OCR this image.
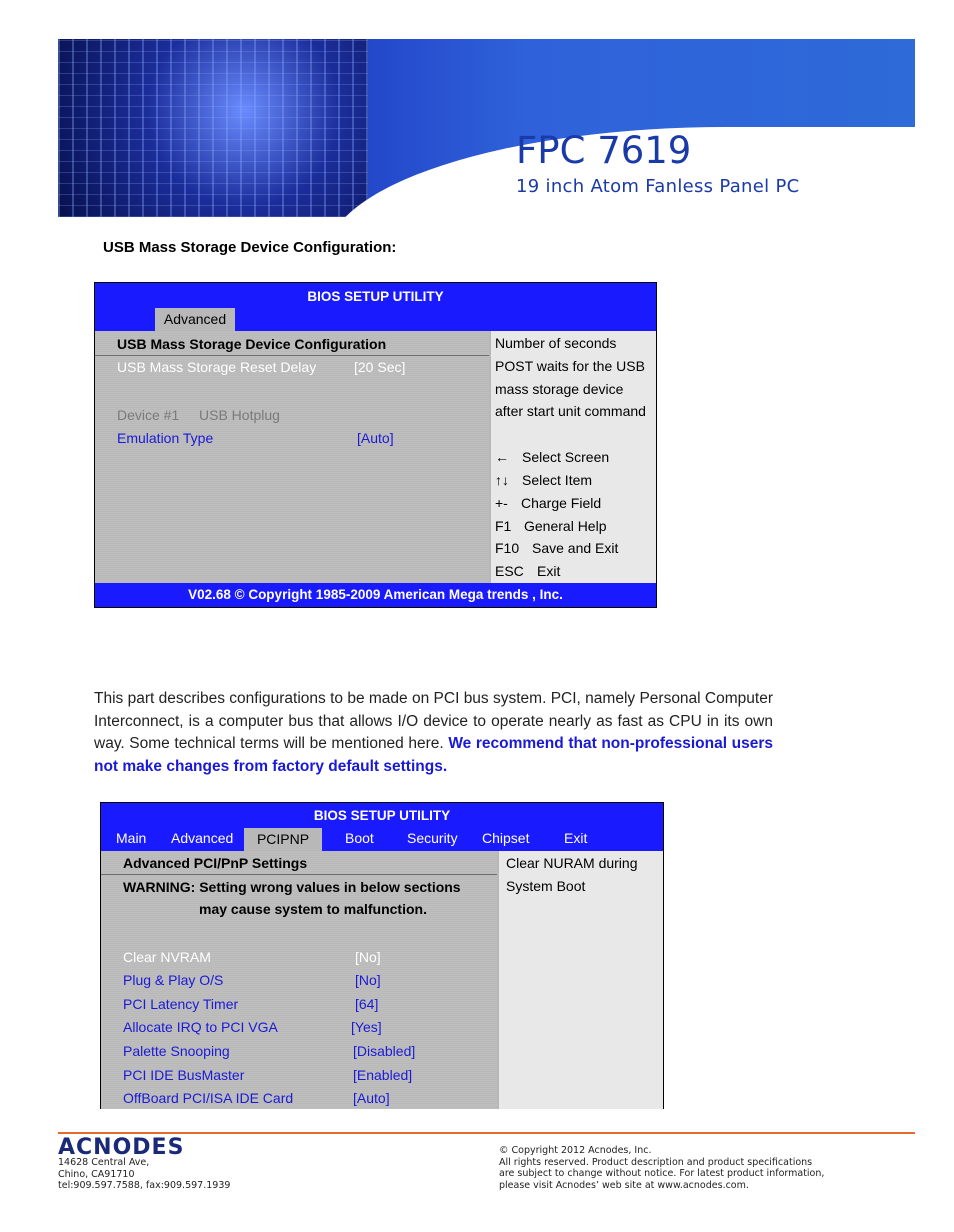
FPC 7619
19 inch Atom Fanless Panel PC
USB Mass Storage Device Configuration:
BIOS SETUP UTILITY
Advanced
USB Mass Storage Device Configuration
USB Mass Storage Reset Delay	[20 Sec]
Device #1 USB Hotplug
Emulation Type	[Auto]
Number of seconds
POST waits for the USB
mass storage device
after start unit command
← Select Screen
↑↓ Select Item
+- Charge Field
F1 General Help
F10 Save and Exit
ESC Exit
V02.68 © Copyright 1985-2009 American Mega trends , Inc.
This part describes configurations to be made on PCI bus system. PCI, namely Personal Computer Interconnect, is a computer bus that allows I/O device to operate nearly as fast as CPU in its own way. Some technical terms will be mentioned here. We recommend that non-professional users not make changes from factory default settings.
BIOS SETUP UTILITY
Main Advanced	PCIPNP	Boot Security Chipset Exit
Advanced PCI/PnP Settings
WARNING: Setting wrong values in below sections
may cause system to malfunction.
Clear NVRAM	[No]
Plug & Play O/S	[No]
PCI Latency Timer	[64]
Allocate IRQ to PCI VGA	[Yes]
Palette Snooping	[Disabled]
PCI IDE BusMaster	[Enabled]
OffBoard PCI/ISA IDE Card	[Auto]
Clear NURAM during
System Boot
ACNODES
14628 Central Ave,
Chino, CA91710
tel:909.597.7588, fax:909.597.1939
© Copyright 2012 Acnodes, Inc.
All rights reserved. Product description and product specifications
are subject to change without notice. For latest product information,
please visit Acnodes’ web site at www.acnodes.com.
